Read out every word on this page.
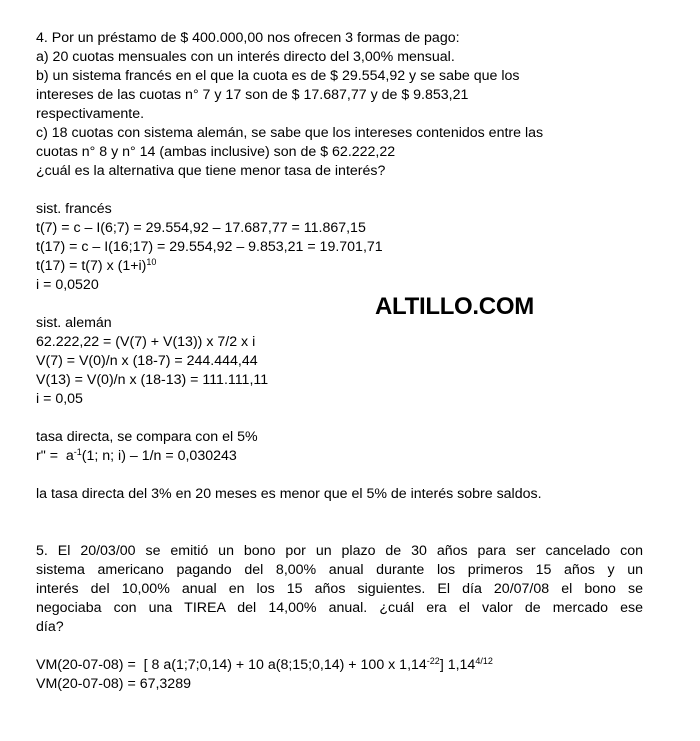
ALTILLO.COM
4. Por un préstamo de $ 400.000,00 nos ofrecen 3 formas de pago:
a) 20 cuotas mensuales con un interés directo del 3,00% mensual.
b) un sistema francés en el que la cuota es de $ 29.554,92 y se sabe que los
intereses de las cuotas n° 7 y 17 son de $ 17.687,77 y de $ 9.853,21
respectivamente.
c) 18 cuotas con sistema alemán, se sabe que los intereses contenidos entre las
cuotas n° 8 y n° 14 (ambas inclusive) son de $ 62.222,22
¿cuál es la alternativa que tiene menor tasa de interés?
sist. francés
t(7) = c – I(6;7) = 29.554,92 – 17.687,77 = 11.867,15
t(17) = c – I(16;17) = 29.554,92 – 9.853,21 = 19.701,71
t(17) = t(7) x $(1+i)^{10}$
i = 0,0520
sist. alemán
62.222,22 = (V(7) + V(13)) x 7/2 x i
V(7) = V(0)/n x (18-7) = 244.444,44
V(13) = V(0)/n x (18-13) = 111.111,11
i = 0,05
tasa directa, se compara con el 5%
r" =  $a^{-1}(1$; n; i) – 1/n = 0,030243
la tasa directa del 3% en 20 meses es menor que el 5% de interés sobre saldos.
5. El 20/03/00 se emitió un bono por un plazo de 30 años para ser cancelado con
sistema americano pagando del 8,00% anual durante los primeros 15 años y un
interés del 10,00% anual en los 15 años siguientes. El día 20/07/08 el bono se
negociaba con una TIREA del 14,00% anual. ¿cuál era el valor de mercado ese
día?
VM(20-07-08) =  [ 8 a(1;7;0,14) + 10 a(8;15;0,14) + 100 x $1,14^{-22}$] $1,14^{4/12}$
VM(20-07-08) = 67,3289
